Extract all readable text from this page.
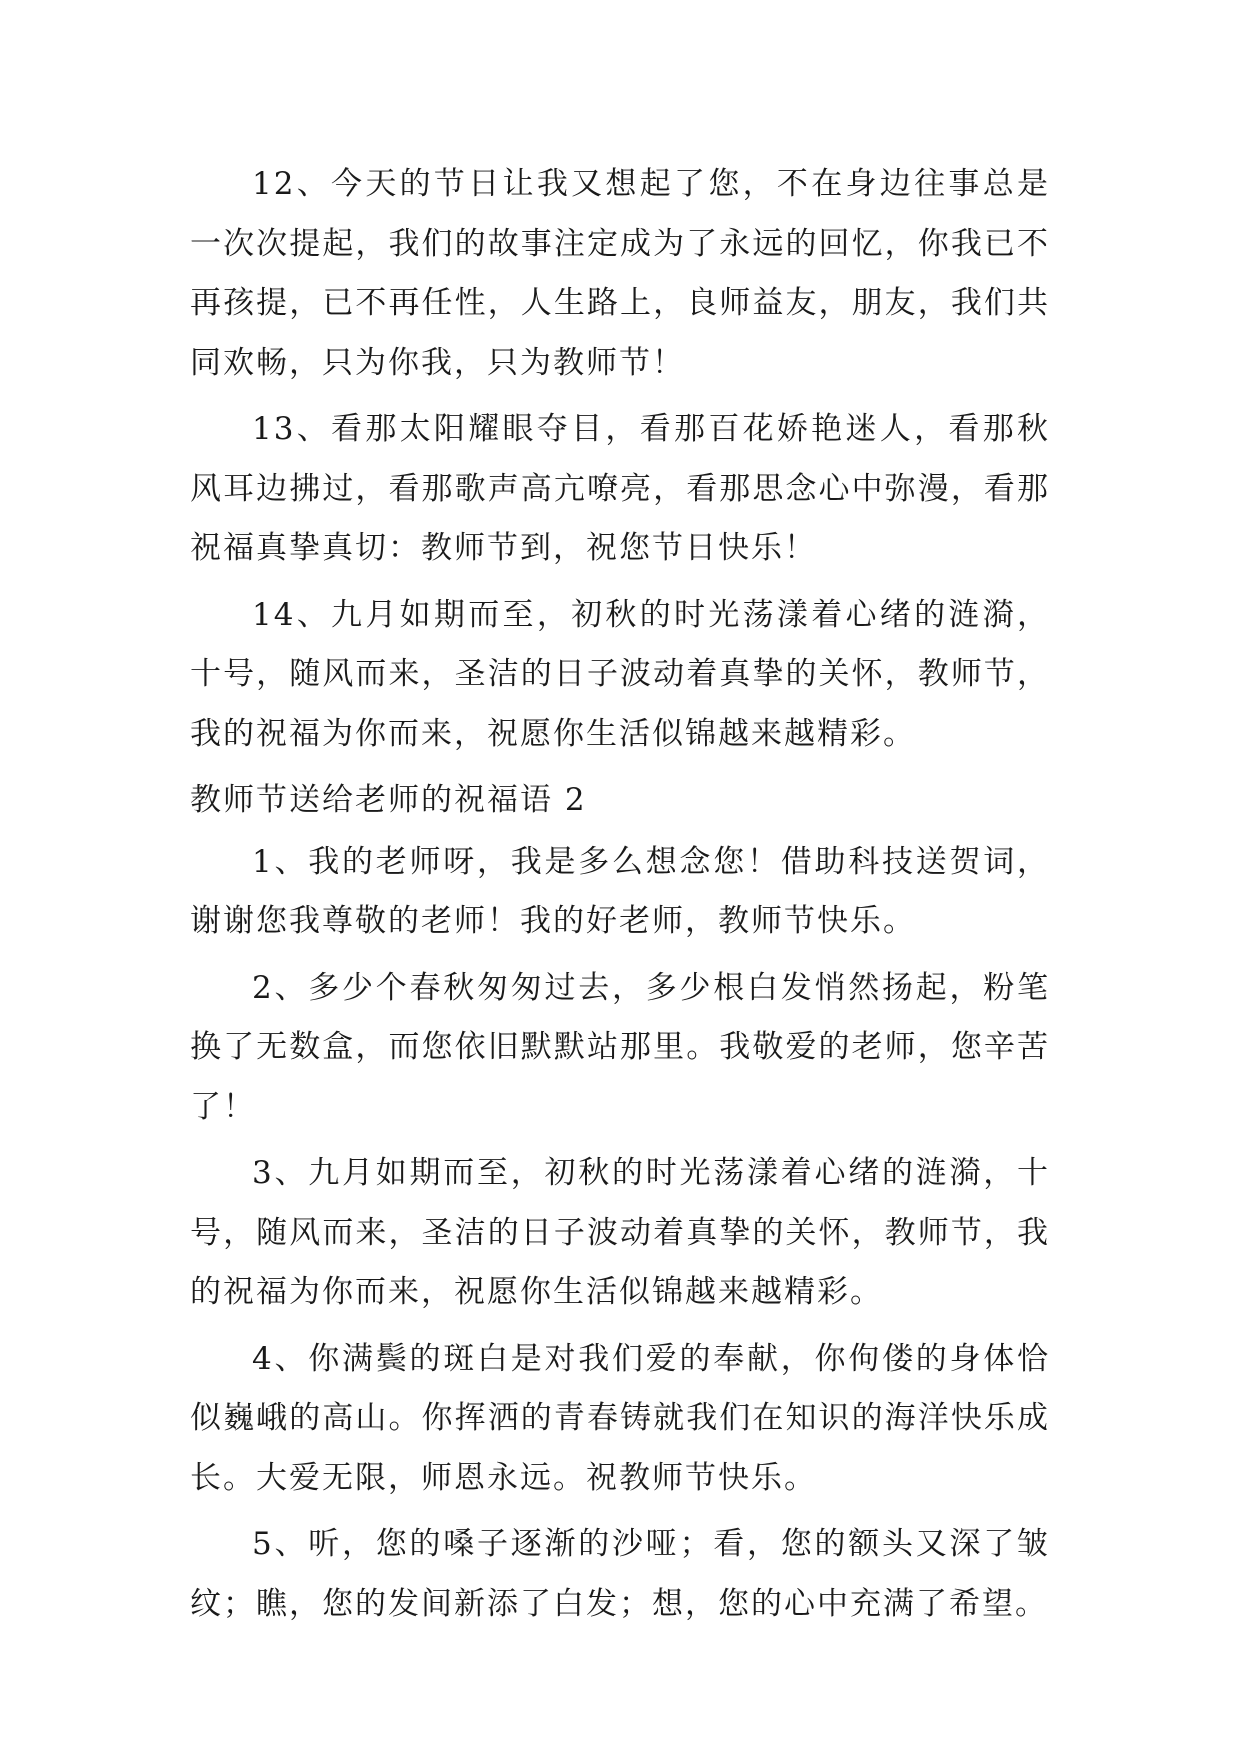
12、今天的节日让我又想起了您，不在身边往事总是一次次提起，我们的故事注定成为了永远的回忆，你我已不再孩提，已不再任性，人生路上，良师益友，朋友，我们共同欢畅，只为你我，只为教师节！

13、看那太阳耀眼夺目，看那百花娇艳迷人，看那秋风耳边拂过，看那歌声高亢嘹亮，看那思念心中弥漫，看那祝福真挚真切：教师节到，祝您节日快乐！

14、九月如期而至，初秋的时光荡漾着心绪的涟漪，十号，随风而来，圣洁的日子波动着真挚的关怀，教师节，我的祝福为你而来，祝愿你生活似锦越来越精彩。

教师节送给老师的祝福语 2

1、我的老师呀，我是多么想念您！借助科技送贺词，谢谢您我尊敬的老师！我的好老师，教师节快乐。

2、多少个春秋匆匆过去，多少根白发悄然扬起，粉笔换了无数盒，而您依旧默默站那里。我敬爱的老师，您辛苦了！

3、九月如期而至，初秋的时光荡漾着心绪的涟漪，十号，随风而来，圣洁的日子波动着真挚的关怀，教师节，我的祝福为你而来，祝愿你生活似锦越来越精彩。

4、你满鬓的斑白是对我们爱的奉献，你佝偻的身体恰似巍峨的高山。你挥洒的青春铸就我们在知识的海洋快乐成长。大爱无限，师恩永远。祝教师节快乐。

5、听，您的嗓子逐渐的沙哑；看，您的额头又深了皱纹；瞧，您的发间新添了白发；想，您的心中充满了希望。
